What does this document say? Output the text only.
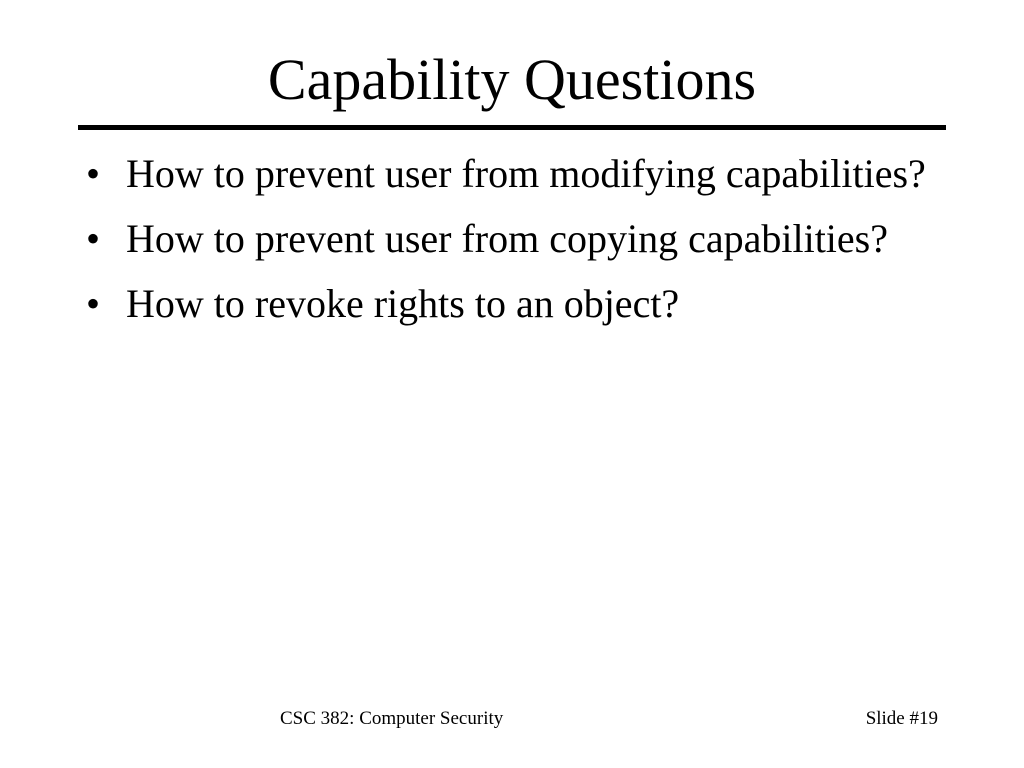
Capability Questions
• How to prevent user from modifying capabilities?
• How to prevent user from copying capabilities?
• How to revoke rights to an object?
CSC 382: Computer Security	Slide #19
